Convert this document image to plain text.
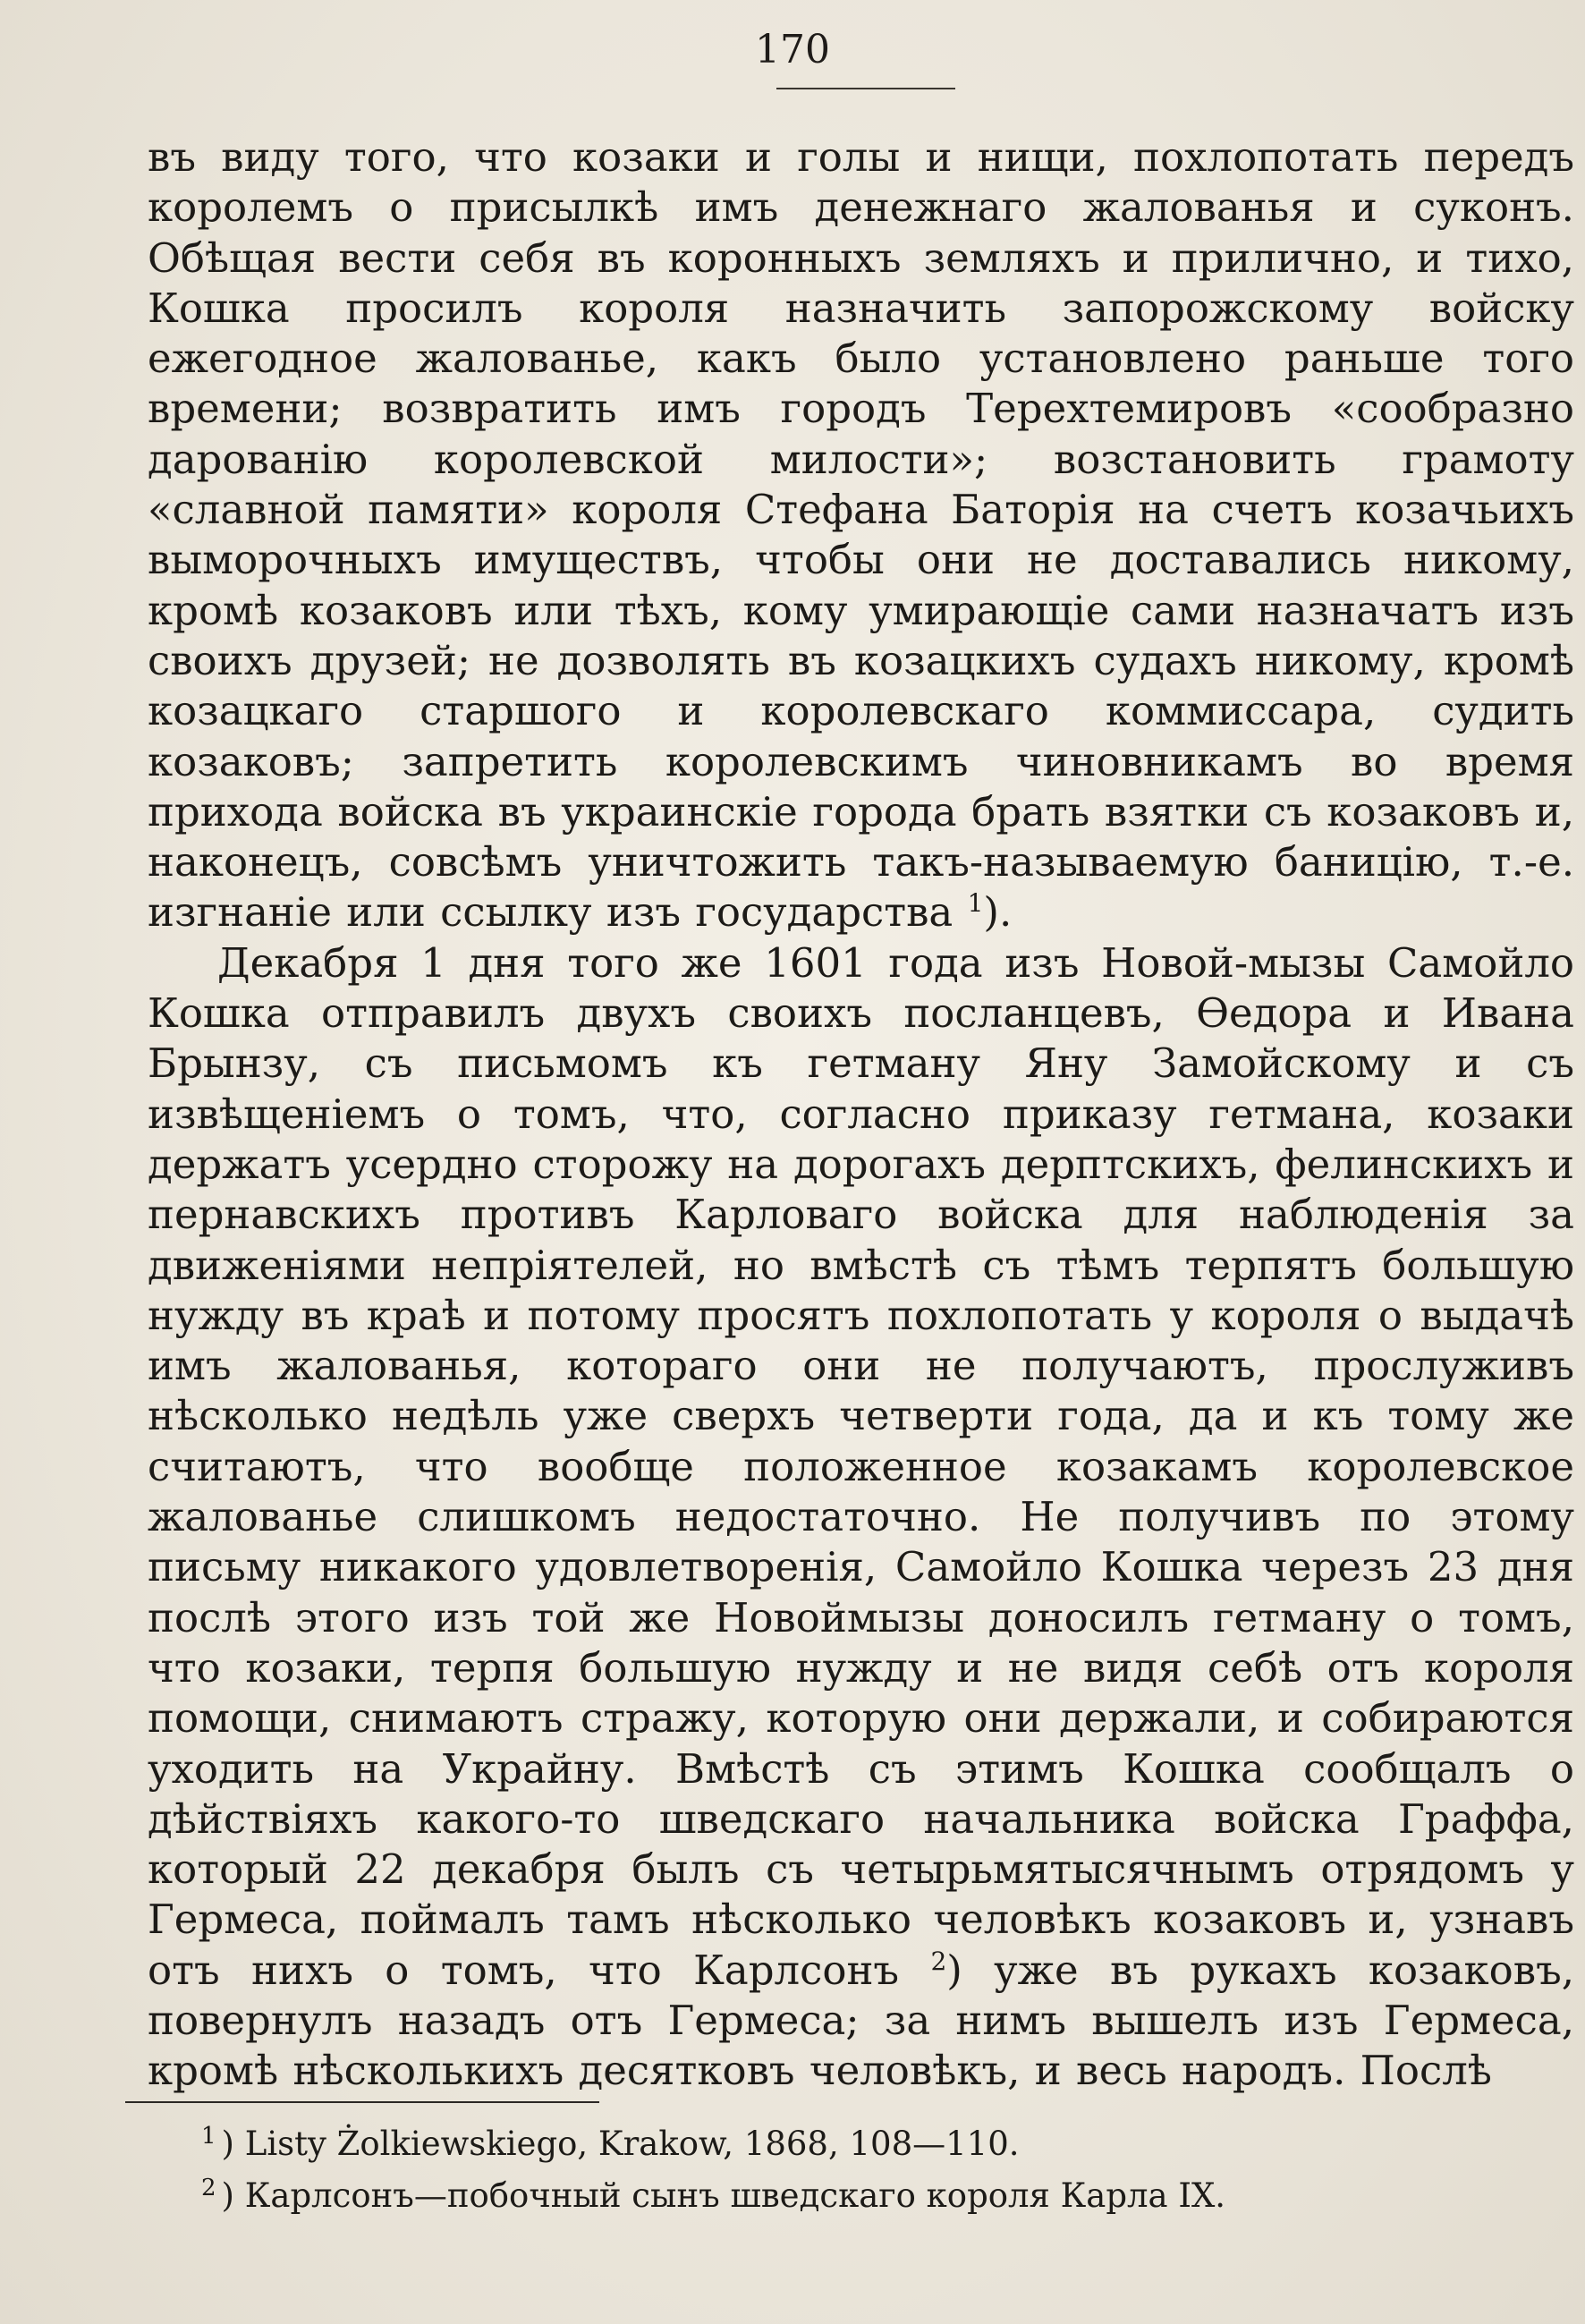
170

въ виду того, что козаки и голы и нищи, похлопотать передъ королемъ о присылкѣ имъ денежнаго жалованья и суконъ. Обѣщая вести себя въ коронныхъ земляхъ и прилично, и тихо, Кошка просилъ короля назначить запорожскому войску ежегодное жалованье, какъ было установлено раньше того времени; возвратить имъ городъ Терехтемировъ «сообразно дарованію королевской милости»; возстановить грамоту «славной памяти» короля Стефана Баторія на счетъ козачьихъ выморочныхъ имуществъ, чтобы они не доставались никому, кромѣ козаковъ или тѣхъ, кому умирающіе сами назначатъ изъ своихъ друзей; не дозволять въ козацкихъ судахъ никому, кромѣ козацкаго старшого и королевскаго коммиссара, судить козаковъ; запретить королевскимъ чиновникамъ во время прихода войска въ украинскіе города брать взятки съ козаковъ и, наконецъ, совсѣмъ уничтожить такъ-называемую баницію, т.-е. изгнаніе или ссылку изъ государства $^1$).

Декабря 1 дня того же 1601 года изъ Новой-мызы Самойло Кошка отправилъ двухъ своихъ посланцевъ, Ѳедора и Ивана Брынзу, съ письмомъ къ гетману Яну Замойскому и съ извѣщеніемъ о томъ, что, согласно приказу гетмана, козаки держатъ усердно сторожу на дорогахъ дерптскихъ, фелинскихъ и пернавскихъ противъ Карловаго войска для наблюденія за движеніями непріятелей, но вмѣстѣ съ тѣмъ терпятъ большую нужду въ краѣ и потому просятъ похлопотать у короля о выдачѣ имъ жалованья, котораго они не получаютъ, прослуживъ нѣсколько недѣль уже сверхъ четверти года, да и къ тому же считаютъ, что вообще положенное козакамъ королевское жалованье слишкомъ недостаточно. Не получивъ по этому письму никакого удовлетворенія, Самойло Кошка черезъ 23 дня послѣ этого изъ той же Новоймызы доносилъ гетману о томъ, что козаки, терпя большую нужду и не видя себѣ отъ короля помощи, снимаютъ стражу, которую они держали, и собираются уходить на Украйну. Вмѣстѣ съ этимъ Кошка сообщалъ о дѣйствіяхъ какого-то шведскаго начальника войска Граффа, который 22 декабря былъ съ четырьмятысячнымъ отрядомъ у Гермеса, поймалъ тамъ нѣсколько человѣкъ козаковъ и, узнавъ отъ нихъ о томъ, что Карлсонъ $^2$) уже въ рукахъ козаковъ, повернулъ назадъ отъ Гермеса; за нимъ вышелъ изъ Гермеса, кромѣ нѣсколькихъ десятковъ человѣкъ, и весь народъ. Послѣ

$^1$ ) Listy Żolkiewskiego, Krakow, 1868, 108—110.

$^2$ ) Карлсонъ—побочный сынъ шведскаго короля Карла IX.
